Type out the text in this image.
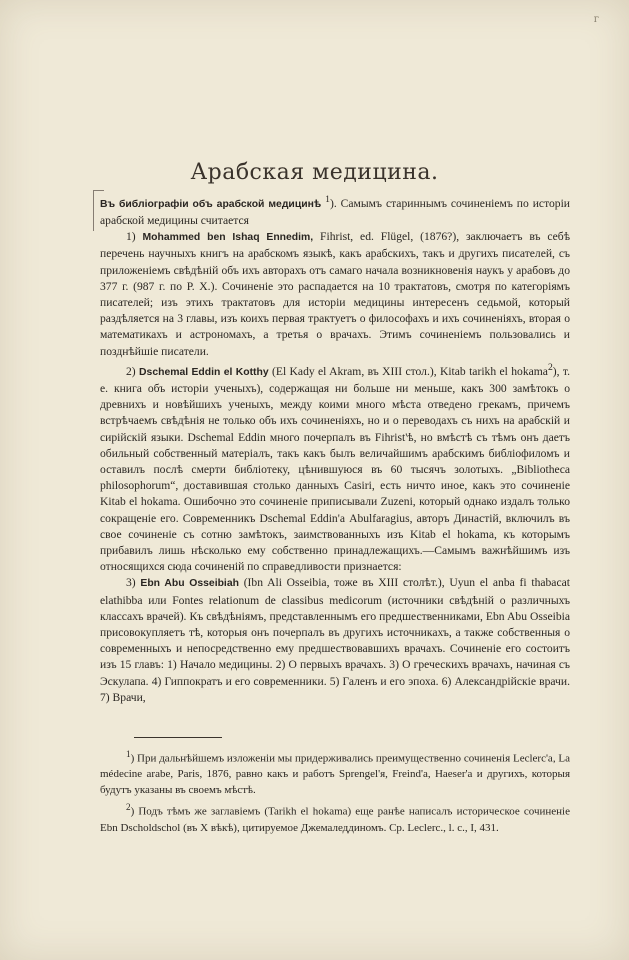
г
Арабская медицина.

Въ библіографіи объ арабской медицинѣ $^1$). Самымъ стариннымъ сочиненіемъ по исторіи арабской медицины считается

1) Mohammed ben Ishaq Ennedim, Fihrist, ed. Flügel, (1876?), заключаетъ въ себѣ перечень научныхъ книгъ на арабскомъ языкѣ, какъ арабскихъ, такъ и другихъ писателей, съ приложеніемъ свѣдѣній объ ихъ авторахъ отъ самаго начала возникновенія наукъ у арабовъ до 377 г. (987 г. по Р. Х.). Сочиненіе это распадается на 10 трактатовъ, смотря по категоріямъ писателей; изъ этихъ трактатовъ для исторіи медицины интересенъ седьмой, который раздѣляется на 3 главы, изъ коихъ первая трактуетъ о философахъ и ихъ сочиненіяхъ, вторая о математикахъ и астрономахъ, а третья о врачахъ. Этимъ сочиненіемъ пользовались и позднѣйшіе писатели.

2) Dschemal Eddin el Kotthy (El Kady el Akram, въ XIII стол.), Kitab tarikh el hokama$^2$), т. е. книга объ исторіи ученыхъ), содержащая ни больше ни меньше, какъ 300 замѣтокъ о древнихъ и новѣйшихъ ученыхъ, между коими много мѣста отведено грекамъ, причемъ встрѣчаемъ свѣдѣнія не только объ ихъ сочиненіяхъ, но и о переводахъ съ нихъ на арабскій и сирійскій языки. Dschemal Eddin много почерпалъ въ Fihrist'ѣ, но вмѣстѣ съ тѣмъ онъ даетъ обильный собственный матеріалъ, такъ какъ былъ величайшимъ арабскимъ библіофиломъ и оставилъ послѣ смерти библіотеку, цѣнившуюся въ 60 тысячъ золотыхъ. „Bibliotheca philosophorum“, доставившая столько данныхъ Casiri, есть ничто иное, какъ это сочиненіе Kitab el hokama. Ошибочно это сочиненіе приписывали Zuzeni, который однако издалъ только сокращеніе его. Современникъ Dschemal Eddin'а Abulfaragius, авторъ Династій, включилъ въ свое сочиненіе съ сотню замѣтокъ, заимствованныхъ изъ Kitab el hokama, къ которымъ прибавилъ лишь нѣсколько ему собственно принадлежащихъ.—Самымъ важнѣйшимъ изъ относящихся сюда сочиненій по справедливости признается:

3) Ebn Abu Osseibiah (Ibn Ali Osseibia, тоже въ XIII столѣт.), Uyun el anba fi thabacat elathibba или Fontes relationum de classibus medicorum (источники свѣдѣній о различныхъ классахъ врачей). Къ свѣдѣніямъ, представленнымъ его предшественниками, Ebn Abu Osseibia присовокупляетъ тѣ, которыя онъ почерпалъ въ другихъ источникахъ, а также собственныя о современныхъ и непосредственно ему предшествовавшихъ врачахъ. Сочиненіе его состоитъ изъ 15 главъ: 1) Начало медицины. 2) О первыхъ врачахъ. 3) О греческихъ врачахъ, начиная съ Эскулапа. 4) Гиппократъ и его современники. 5) Галенъ и его эпоха. 6) Александрійскіе врачи. 7) Врачи,

$^1$) При дальнѣйшемъ изложеніи мы придерживались преимущественно сочиненія Leclerc'а, La médecine arabe, Paris, 1876, равно какъ и работъ Sprengel'я, Freind'а, Haeser'а и другихъ, которыя будутъ указаны въ своемъ мѣстѣ.

$^2$) Подъ тѣмъ же заглавіемъ (Tarikh el hokama) еще ранѣе написалъ историческое сочиненіе Ebn Dscholdschol (въ X вѣкѣ), цитируемое Джемаледдиномъ. Ср. Leclerc., l. c., I, 431.
